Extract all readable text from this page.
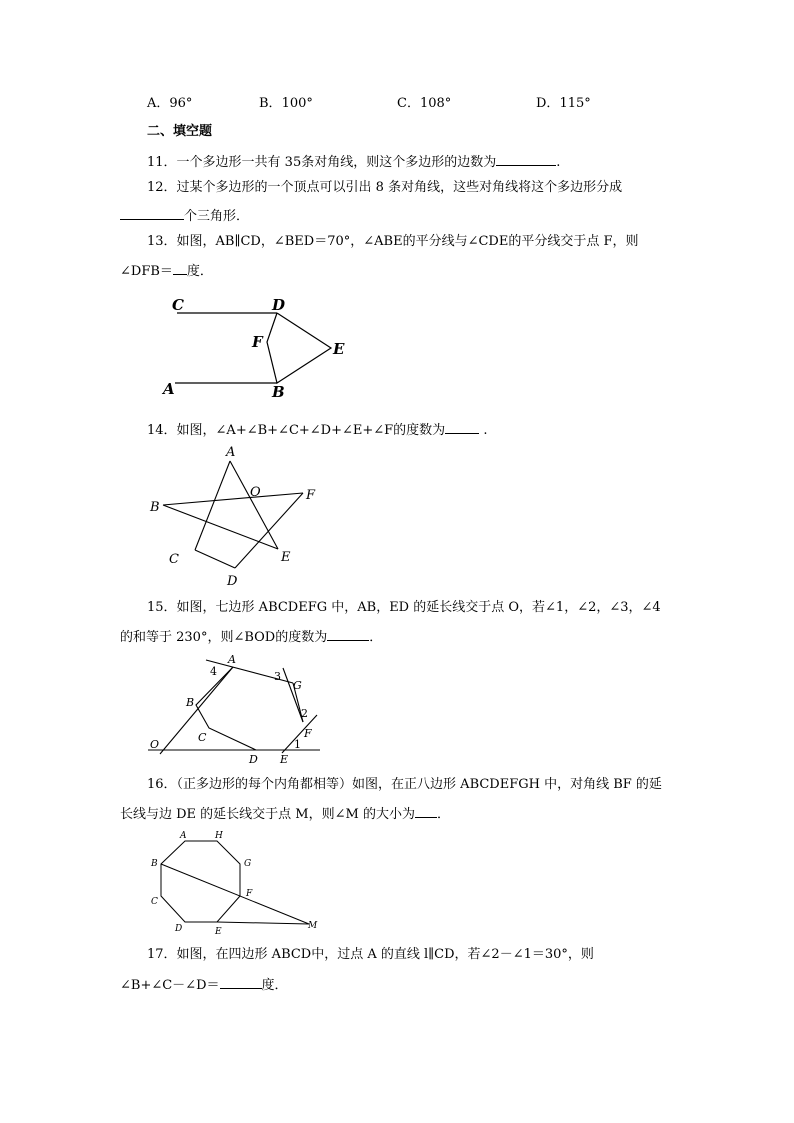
A．96°	B．100°	C．108°	D．115°
二、填空题
11．一个多边形一共有 35条对角线，则这个多边形的边数为	.
12．过某个多边形的一个顶点可以引出 8 条对角线，这些对角线将这个多边形分成
个三角形．
13．如图，AB∥CD，∠BED＝70°，∠ABE的平分线与∠CDE的平分线交于点 F，则
∠DFB＝ 度．
C	D
F	E
A	B
14．如图，∠A+∠B+∠C+∠D+∠E+∠F的度数为	.
A
O	F
B
C	E
D
15．如图，七边形 ABCDEFG 中，AB，ED 的延长线交于点 O，若∠1，∠2，∠3，∠4
的和等于 230°，则∠BOD的度数为	．
A
4	3
G
B
2
C	F
1
O
D E
16．（正多边形的每个内角都相等）如图，在正八边形 ABCDEFGH 中，对角线 BF 的延
长线与边 DE 的延长线交于点 M，则∠M 的大小为 ．
A	H
B	G
F
C
D	E
M
17．如图，在四边形 ABCD中，过点 A 的直线 l∥CD，若∠2－∠1＝30°，则
∠B+∠C－∠D＝	度．
